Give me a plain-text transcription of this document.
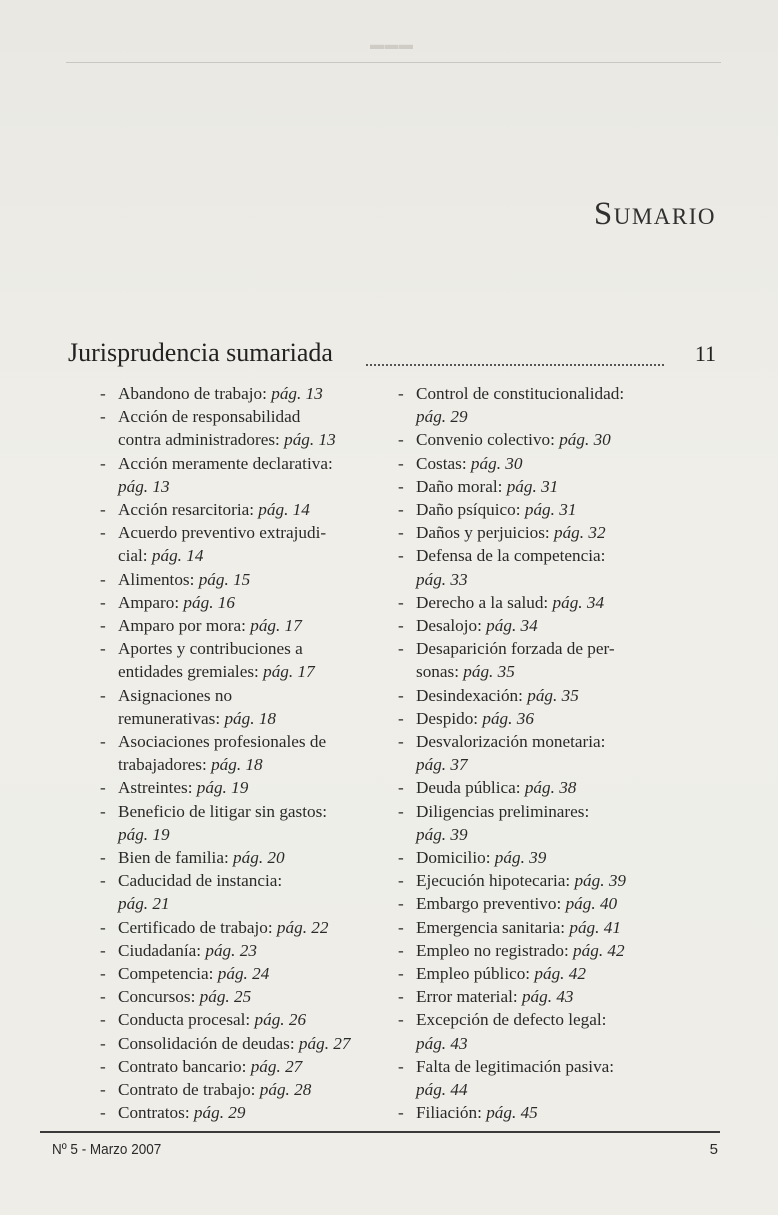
▬▬▬
Sumario
Jurisprudencia sumariada	11
- Abandono de trabajo: pág. 13
- Acción de responsabilidad
contra administradores: pág. 13
- Acción meramente declarativa:
pág. 13
- Acción resarcitoria: pág. 14
- Acuerdo preventivo extrajudi-
cial: pág. 14
- Alimentos: pág. 15
- Amparo: pág. 16
- Amparo por mora: pág. 17
- Aportes y contribuciones a
entidades gremiales: pág. 17
- Asignaciones no
remunerativas: pág. 18
- Asociaciones profesionales de
trabajadores: pág. 18
- Astreintes: pág. 19
- Beneficio de litigar sin gastos:
pág. 19
- Bien de familia: pág. 20
- Caducidad de instancia:
pág. 21
- Certificado de trabajo: pág. 22
- Ciudadanía: pág. 23
- Competencia: pág. 24
- Concursos: pág. 25
- Conducta procesal: pág. 26
- Consolidación de deudas: pág. 27
- Contrato bancario: pág. 27
- Contrato de trabajo: pág. 28
- Contratos: pág. 29
- Control de constitucionalidad:
pág. 29
- Convenio colectivo: pág. 30
- Costas: pág. 30
- Daño moral: pág. 31
- Daño psíquico: pág. 31
- Daños y perjuicios: pág. 32
- Defensa de la competencia:
pág. 33
- Derecho a la salud: pág. 34
- Desalojo: pág. 34
- Desaparición forzada de per-
sonas: pág. 35
- Desindexación: pág. 35
- Despido: pág. 36
- Desvalorización monetaria:
pág. 37
- Deuda pública: pág. 38
- Diligencias preliminares:
pág. 39
- Domicilio: pág. 39
- Ejecución hipotecaria: pág. 39
- Embargo preventivo: pág. 40
- Emergencia sanitaria: pág. 41
- Empleo no registrado: pág. 42
- Empleo público: pág. 42
- Error material: pág. 43
- Excepción de defecto legal:
pág. 43
- Falta de legitimación pasiva:
pág. 44
- Filiación: pág. 45
Nº 5 - Marzo 2007	5
